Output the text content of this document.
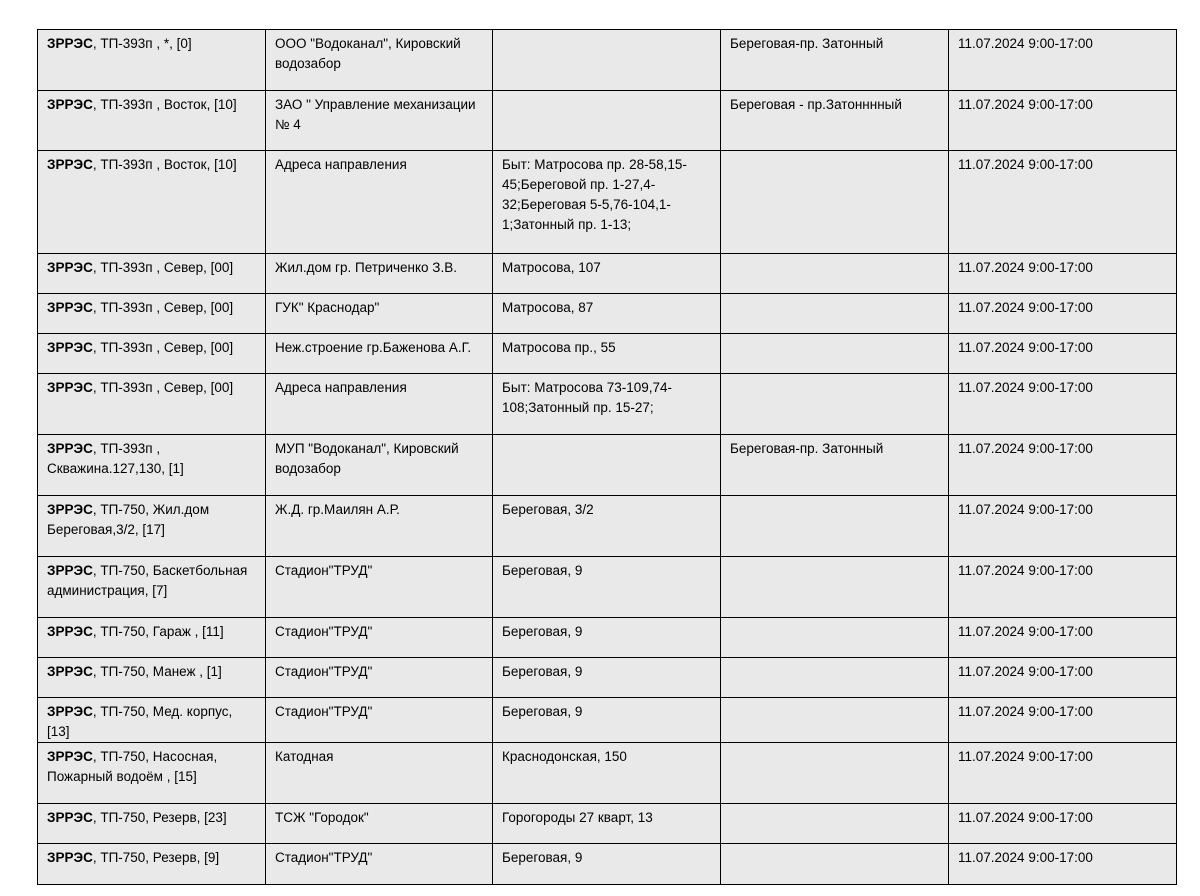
ЗРРЭС, ТП-393п , *, [0]	ООО "Водоканал", Кировский водозабор		Береговая-пр. Затонный	11.07.2024 9:00-17:00
ЗРРЭС, ТП-393п , Восток, [10]	ЗАО " Управление механизации № 4		Береговая - пр.Затонннный	11.07.2024 9:00-17:00
ЗРРЭС, ТП-393п , Восток, [10]	Адреса направления	Быт: Матросова пр. 28-58,15-45;Береговой пр. 1-27,4-32;Береговая 5-5,76-104,1-1;Затонный пр. 1-13;		11.07.2024 9:00-17:00
ЗРРЭС, ТП-393п , Север, [00]	Жил.дом гр. Петриченко З.В.	Матросова, 107		11.07.2024 9:00-17:00
ЗРРЭС, ТП-393п , Север, [00]	ГУК" Краснодар"	Матросова, 87		11.07.2024 9:00-17:00
ЗРРЭС, ТП-393п , Север, [00]	Неж.строение гр.Баженова А.Г.	Матросова пр., 55		11.07.2024 9:00-17:00
ЗРРЭС, ТП-393п , Север, [00]	Адреса направления	Быт: Матросова 73-109,74-108;Затонный пр. 15-27;		11.07.2024 9:00-17:00
ЗРРЭС, ТП-393п , Скважина.127,130, [1]	МУП "Водоканал", Кировский водозабор		Береговая-пр. Затонный	11.07.2024 9:00-17:00
ЗРРЭС, ТП-750, Жил.дом Береговая,3/2, [17]	Ж.Д. гр.Маилян А.Р.	Береговая, 3/2		11.07.2024 9:00-17:00
ЗРРЭС, ТП-750, Баскетбольная администрация, [7]	Стадион"ТРУД"	Береговая, 9		11.07.2024 9:00-17:00
ЗРРЭС, ТП-750, Гараж , [11]	Стадион"ТРУД"	Береговая, 9		11.07.2024 9:00-17:00
ЗРРЭС, ТП-750, Манеж , [1]	Стадион"ТРУД"	Береговая, 9		11.07.2024 9:00-17:00
ЗРРЭС, ТП-750, Мед. корпус, [13]	Стадион"ТРУД"	Береговая, 9		11.07.2024 9:00-17:00
ЗРРЭС, ТП-750, Насосная, Пожарный водоём , [15]	Катодная	Краснодонская, 150		11.07.2024 9:00-17:00
ЗРРЭС, ТП-750, Резерв, [23]	ТСЖ "Городок"	Горогороды 27 кварт, 13		11.07.2024 9:00-17:00
ЗРРЭС, ТП-750, Резерв, [9]	Стадион"ТРУД"	Береговая, 9		11.07.2024 9:00-17:00
